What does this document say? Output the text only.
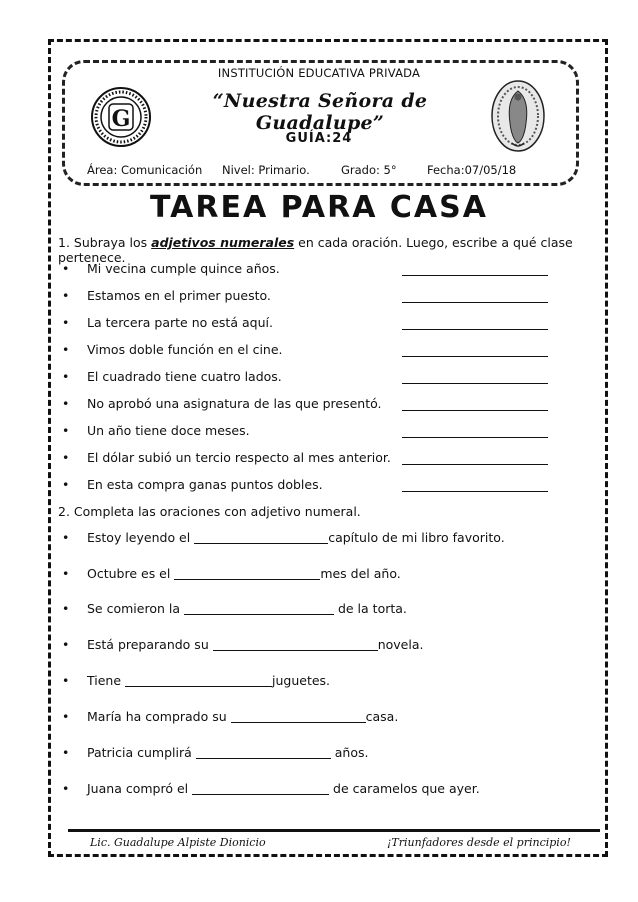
G
INSTITUCIÓN EDUCATIVA PRIVADA
“Nuestra Señora de Guadalupe”
GUÍA:24
Área: Comunicación Nivel: Primario.	Grado: 5°	Fecha:07/05/18
TAREA PARA CASA
1. Subraya los adjetivos numerales en cada oración. Luego, escribe a qué clase pertenece.
• Mi vecina cumple quince años.
• Estamos en el primer puesto.
• La tercera parte no está aquí.
• Vimos doble función en el cine.
• El cuadrado tiene cuatro lados.
• No aprobó una asignatura de las que presentó.
• Un año tiene doce meses.
• El dólar subió un tercio respecto al mes anterior.
• En esta compra ganas puntos dobles.
2. Completa las oraciones con adjetivo numeral.
• Estoy leyendo el	capítulo de mi libro favorito.
• Octubre es el	mes del año.
• Se comieron la	de la torta.
• Está preparando su	novela.
• Tiene	juguetes.
• María ha comprado su	casa.
• Patricia cumplirá	años.
• Juana compró el	de caramelos que ayer.
Lic. Guadalupe Alpiste Dionicio	¡Triunfadores desde el principio!
